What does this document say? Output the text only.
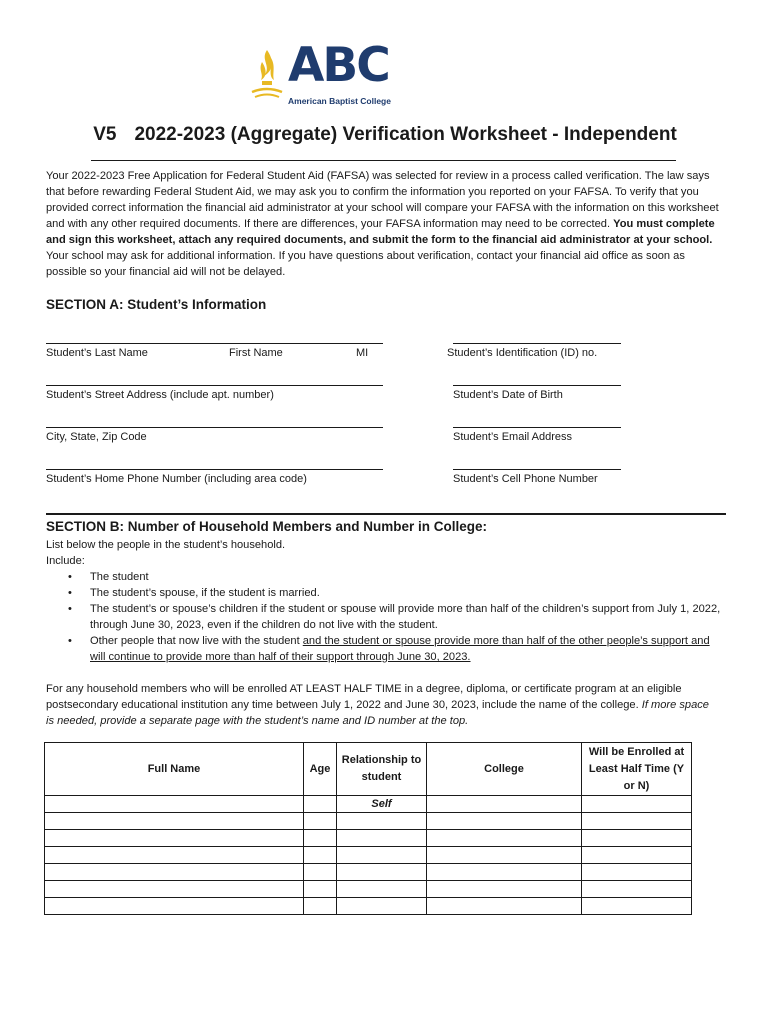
ABC
American Baptist College
V5 2022-2023 (Aggregate) Verification Worksheet - Independent
Your 2022-2023 Free Application for Federal Student Aid (FAFSA) was selected for review in a process called verification. The law says that before rewarding Federal Student Aid, we may ask you to confirm the information you reported on your FAFSA. To verify that you provided correct information the financial aid administrator at your school will compare your FAFSA with the information on this worksheet and with any other required documents. If there are differences, your FAFSA information may need to be corrected. You must complete and sign this worksheet, attach any required documents, and submit the form to the financial aid administrator at your school. Your school may ask for additional information. If you have questions about verification, contact your financial aid office as soon as possible so your financial aid will not be delayed.
SECTION A: Student’s Information
Student’s Last Name	First Name	MI	Student’s Identification (ID) no.
Student’s Street Address (include apt. number)	Student’s Date of Birth
City, State, Zip Code	Student’s Email Address
Student’s Home Phone Number (including area code)	Student’s Cell Phone Number
SECTION B: Number of Household Members and Number in College:
List below the people in the student’s household.
Include:
• The student
• The student’s spouse, if the student is married.
• The student’s or spouse’s children if the student or spouse will provide more than half of the children’s support from July 1, 2022, through June 30, 2023, even if the children do not live with the student.
• Other people that now live with the student and the student or spouse provide more than half of the other people’s support and will continue to provide more than half of their support through June 30, 2023.
For any household members who will be enrolled AT LEAST HALF TIME in a degree, diploma, or certificate program at an eligible postsecondary educational institution any time between July 1, 2022 and June 30, 2023, include the name of the college. If more space is needed, provide a separate page with the student’s name and ID number at the top.
Full Name	Age	Relationship to student	College	Will be Enrolled at Least Half Time (Y or N)
		Self		
